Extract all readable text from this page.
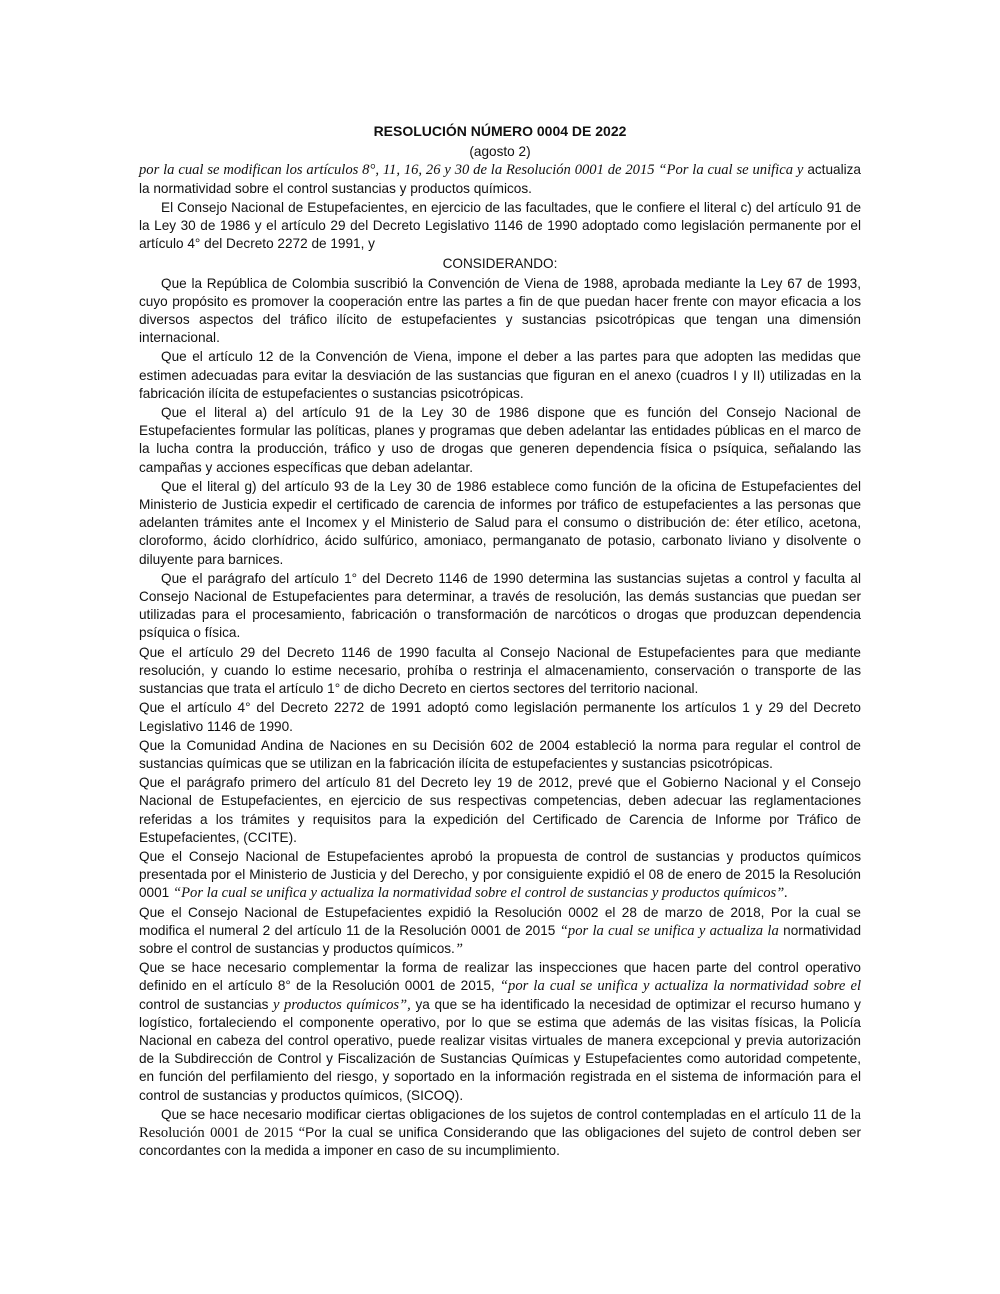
RESOLUCIÓN NÚMERO 0004 DE 2022

(agosto 2)

por la cual se modifican los artículos 8°, 11, 16, 26 y 30 de la Resolución 0001 de 2015 “Por la cual se unifica y actualiza la normatividad sobre el control sustancias y productos químicos.

El Consejo Nacional de Estupefacientes, en ejercicio de las facultades, que le confiere el literal c) del artículo 91 de la Ley 30 de 1986 y el artículo 29 del Decreto Legislativo 1146 de 1990 adoptado como legislación permanente por el artículo 4° del Decreto 2272 de 1991, y

CONSIDERANDO:

Que la República de Colombia suscribió la Convención de Viena de 1988, aprobada mediante la Ley 67 de 1993, cuyo propósito es promover la cooperación entre las partes a fin de que puedan hacer frente con mayor eficacia a los diversos aspectos del tráfico ilícito de estupefacientes y sustancias psicotrópicas que tengan una dimensión internacional.

Que el artículo 12 de la Convención de Viena, impone el deber a las partes para que adopten las medidas que estimen adecuadas para evitar la desviación de las sustancias que figuran en el anexo (cuadros I y II) utilizadas en la fabricación ilícita de estupefacientes o sustancias psicotrópicas.

Que el literal a) del artículo 91 de la Ley 30 de 1986 dispone que es función del Consejo Nacional de Estupefacientes formular las políticas, planes y programas que deben adelantar las entidades públicas en el marco de la lucha contra la producción, tráfico y uso de drogas que generen dependencia física o psíquica, señalando las campañas y acciones específicas que deban adelantar.

Que el literal g) del artículo 93 de la Ley 30 de 1986 establece como función de la oficina de Estupefacientes del Ministerio de Justicia expedir el certificado de carencia de informes por tráfico de estupefacientes a las personas que adelanten trámites ante el Incomex y el Ministerio de Salud para el consumo o distribución de: éter etílico, acetona, cloroformo, ácido clorhídrico, ácido sulfúrico, amoniaco, permanganato de potasio, carbonato liviano y disolvente o diluyente para barnices.

Que el parágrafo del artículo 1° del Decreto 1146 de 1990 determina las sustancias sujetas a control y faculta al Consejo Nacional de Estupefacientes para determinar, a través de resolución, las demás sustancias que puedan ser utilizadas para el procesamiento, fabricación o transformación de narcóticos o drogas que produzcan dependencia psíquica o física.

Que el artículo 29 del Decreto 1146 de 1990 faculta al Consejo Nacional de Estupefacientes para que mediante resolución, y cuando lo estime necesario, prohíba o restrinja el almacenamiento, conservación o transporte de las sustancias que trata el artículo 1° de dicho Decreto en ciertos sectores del territorio nacional.

Que el artículo 4° del Decreto 2272 de 1991 adoptó como legislación permanente los artículos 1 y 29 del Decreto Legislativo 1146 de 1990.

Que la Comunidad Andina de Naciones en su Decisión 602 de 2004 estableció la norma para regular el control de sustancias químicas que se utilizan en la fabricación ilícita de estupefacientes y sustancias psicotrópicas.

Que el parágrafo primero del artículo 81 del Decreto ley 19 de 2012, prevé que el Gobierno Nacional y el Consejo Nacional de Estupefacientes, en ejercicio de sus respectivas competencias, deben adecuar las reglamentaciones referidas a los trámites y requisitos para la expedición del Certificado de Carencia de Informe por Tráfico de Estupefacientes, (CCITE).

Que el Consejo Nacional de Estupefacientes aprobó la propuesta de control de sustancias y productos químicos presentada por el Ministerio de Justicia y del Derecho, y por consiguiente expidió el 08 de enero de 2015 la Resolución 0001 “Por la cual se unifica y actualiza la normatividad sobre el control de sustancias y productos químicos”.

Que el Consejo Nacional de Estupefacientes expidió la Resolución 0002 el 28 de marzo de 2018, Por la cual se modifica el numeral 2 del artículo 11 de la Resolución 0001 de 2015 “por la cual se unifica y actualiza la normatividad sobre el control de sustancias y productos químicos.”

Que se hace necesario complementar la forma de realizar las inspecciones que hacen parte del control operativo definido en el artículo 8° de la Resolución 0001 de 2015, “por la cual se unifica y actualiza la normatividad sobre el control de sustancias y productos químicos”, ya que se ha identificado la necesidad de optimizar el recurso humano y logístico, fortaleciendo el componente operativo, por lo que se estima que además de las visitas físicas, la Policía Nacional en cabeza del control operativo, puede realizar visitas virtuales de manera excepcional y previa autorización de la Subdirección de Control y Fiscalización de Sustancias Químicas y Estupefacientes como autoridad competente, en función del perfilamiento del riesgo, y soportado en la información registrada en el sistema de información para el control de sustancias y productos químicos, (SICOQ).

Que se hace necesario modificar ciertas obligaciones de los sujetos de control contempladas en el artículo 11 de la Resolución 0001 de 2015 “Por la cual se unifica Considerando que las obligaciones del sujeto de control deben ser concordantes con la medida a imponer en caso de su incumplimiento.
